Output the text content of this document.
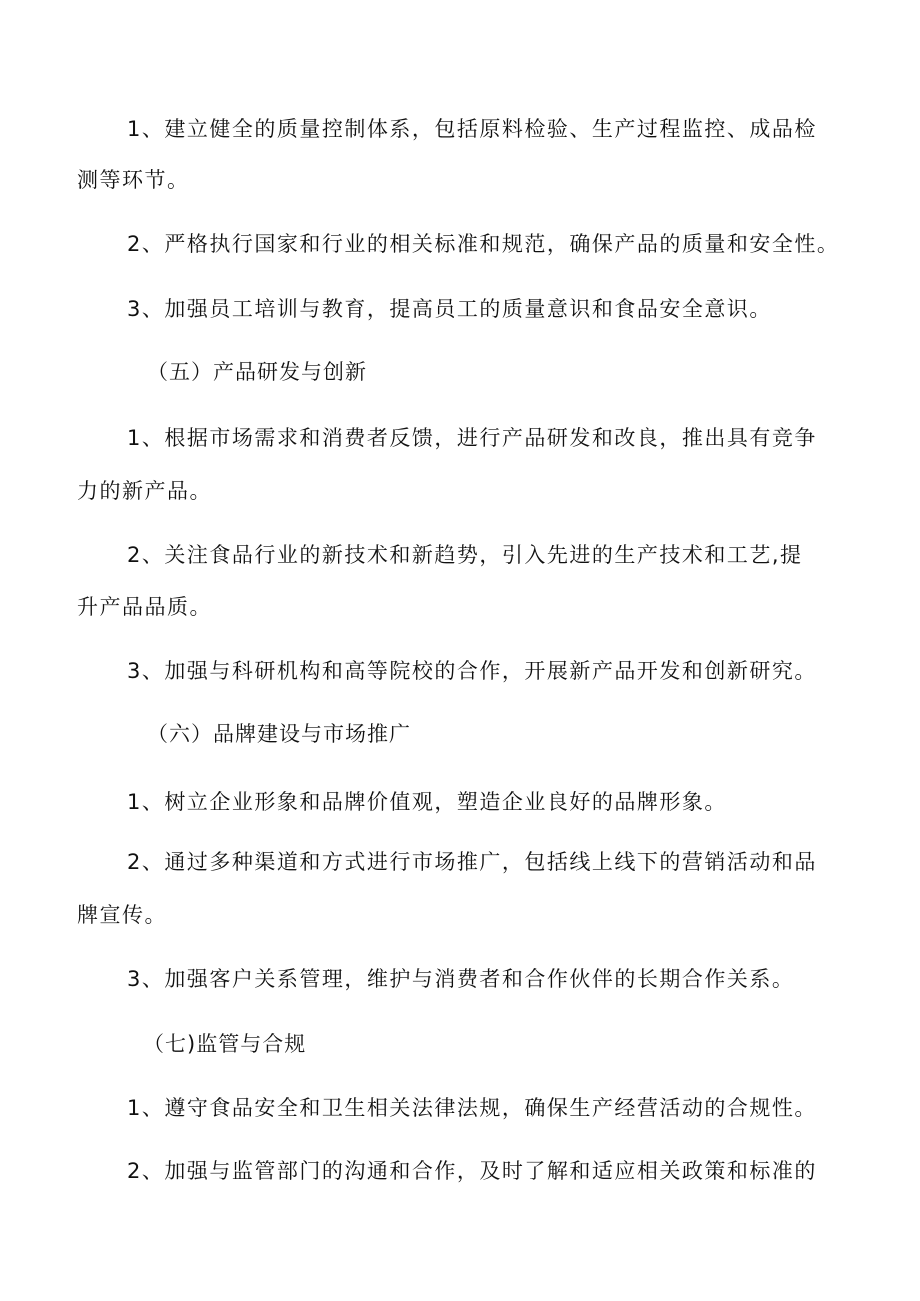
1、建立健全的质量控制体系，包括原料检验、生产过程监控、成品检
测等环节。
2、严格执行国家和行业的相关标准和规范，确保产品的质量和安全性。
3、加强员工培训与教育，提高员工的质量意识和食品安全意识。
（五）产品研发与创新
1、根据市场需求和消费者反馈，进行产品研发和改良，推出具有竞争
力的新产品。
2、关注食品行业的新技术和新趋势，引入先进的生产技术和工艺,提
升产品品质。
3、加强与科研机构和高等院校的合作，开展新产品开发和创新研究。
（六）品牌建设与市场推广
1、树立企业形象和品牌价值观，塑造企业良好的品牌形象。
2、通过多种渠道和方式进行市场推广，包括线上线下的营销活动和品
牌宣传。
3、加强客户关系管理，维护与消费者和合作伙伴的长期合作关系。
（七)监管与合规
1、遵守食品安全和卫生相关法律法规，确保生产经营活动的合规性。
2、加强与监管部门的沟通和合作，及时了解和适应相关政策和标准的
